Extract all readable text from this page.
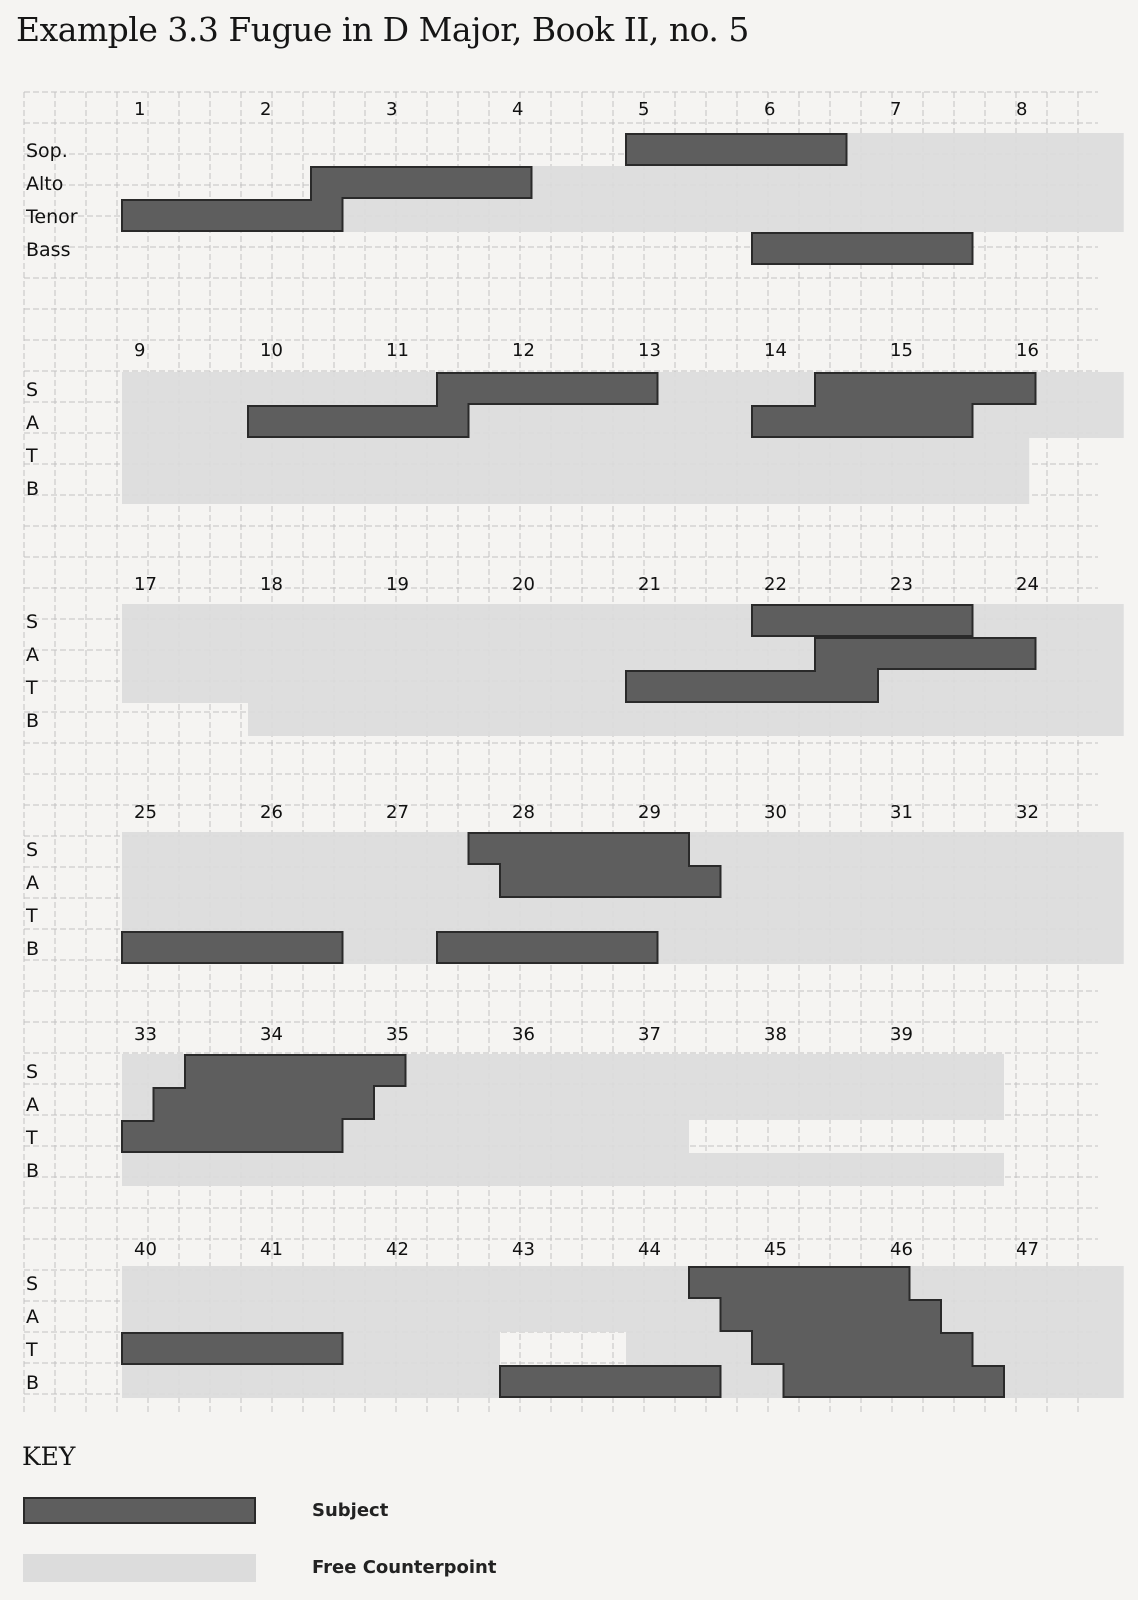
Example 3.3 Fugue in D Major, Book II, no. 5
1	2	3	4	5	6	7	8
Sop.
Alto
Tenor
Bass
9	10	11	12	13	14	15	16
S
A
T
B
17	18	19	20	21	22	23	24
S
A
T
B
25	26	27	28	29	30	31	32
S
A
T
B
33	34	35	36	37	38	39
S
A
T
B
40	41	42	43	44	45	46	47
S
A
T
B
KEY
Subject
Free Counterpoint
